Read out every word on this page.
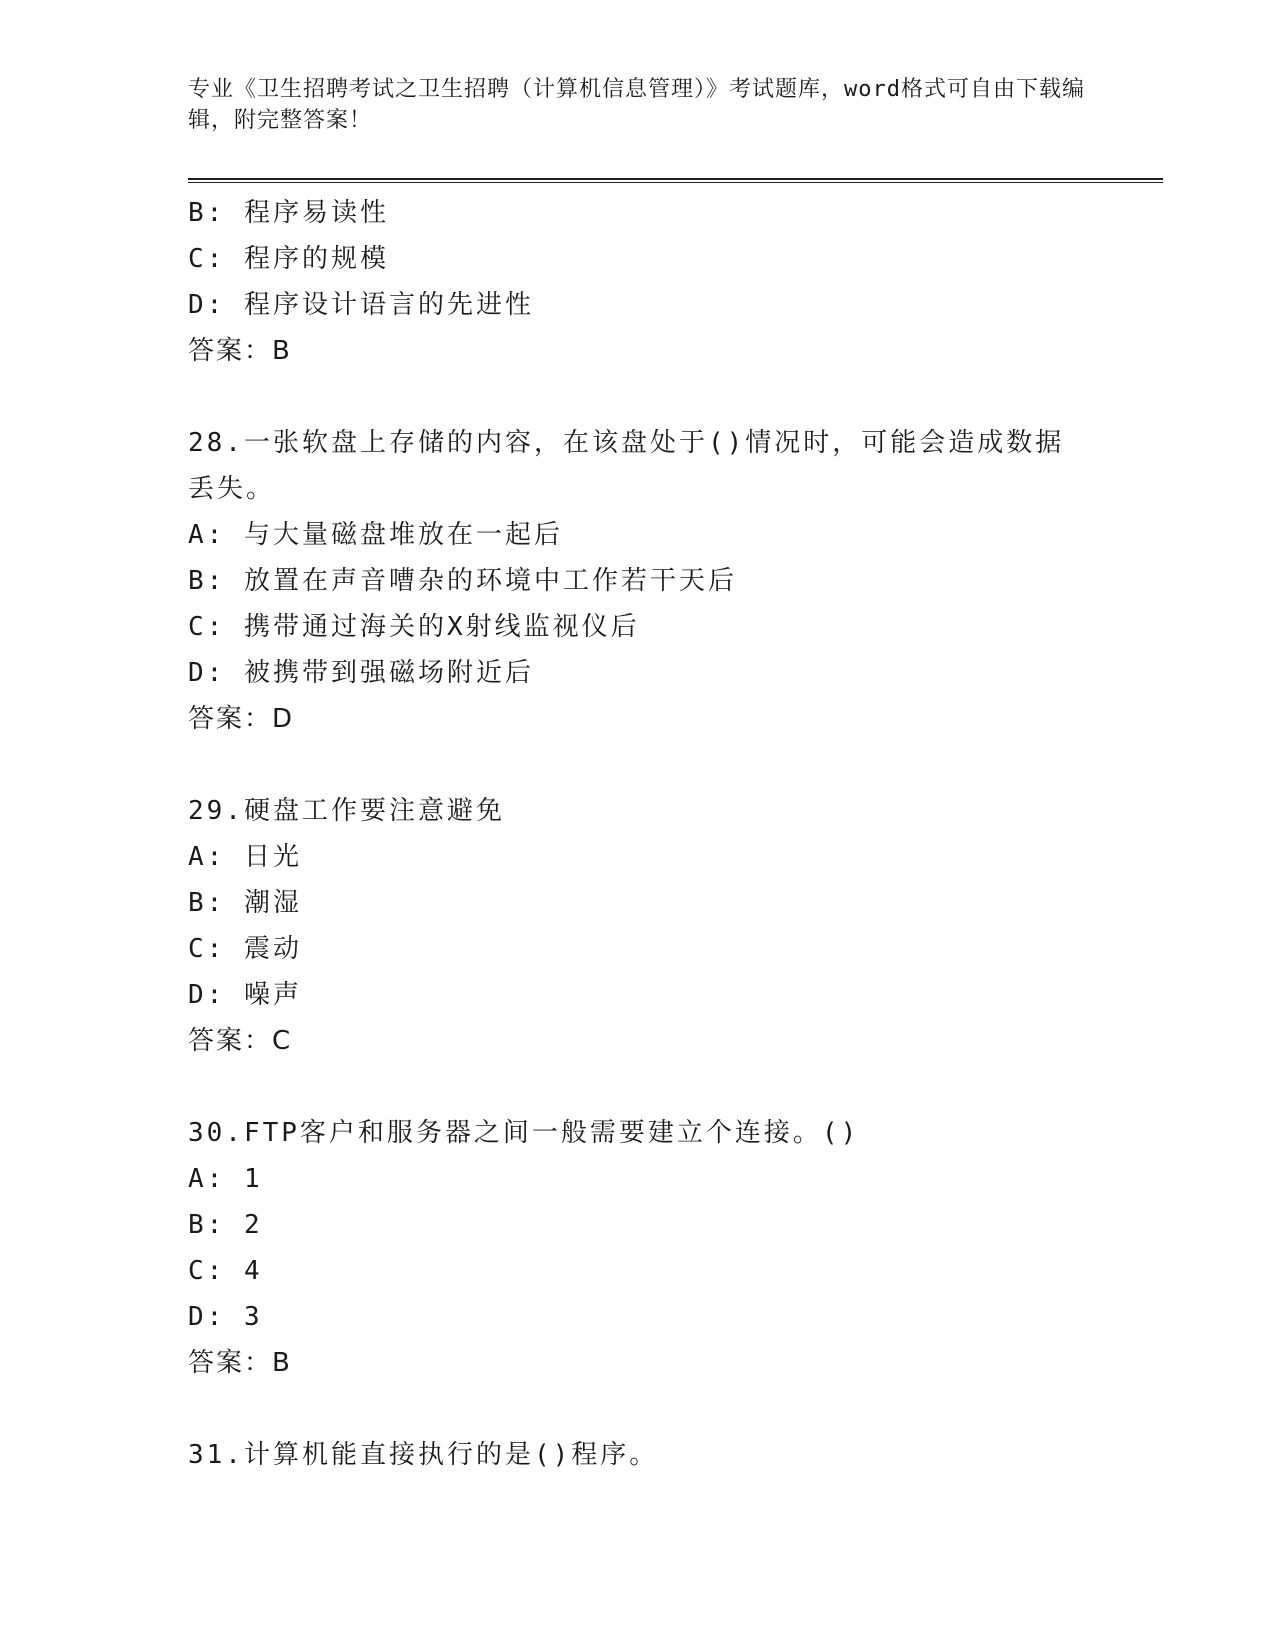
专业《卫生招聘考试之卫生招聘（计算机信息管理）》考试题库，word格式可自由下载编辑，附完整答案！
B: 程序易读性
C: 程序的规模
D: 程序设计语言的先进性
答案：B
28.一张软盘上存储的内容，在该盘处于()情况时，可能会造成数据丢失。
A: 与大量磁盘堆放在一起后
B: 放置在声音嘈杂的环境中工作若干天后
C: 携带通过海关的X射线监视仪后
D: 被携带到强磁场附近后
答案：D
29.硬盘工作要注意避免
A: 日光
B: 潮湿
C: 震动
D: 噪声
答案：C
30.FTP客户和服务器之间一般需要建立个连接。()
A: 1
B: 2
C: 4
D: 3
答案：B
31.计算机能直接执行的是()程序。
